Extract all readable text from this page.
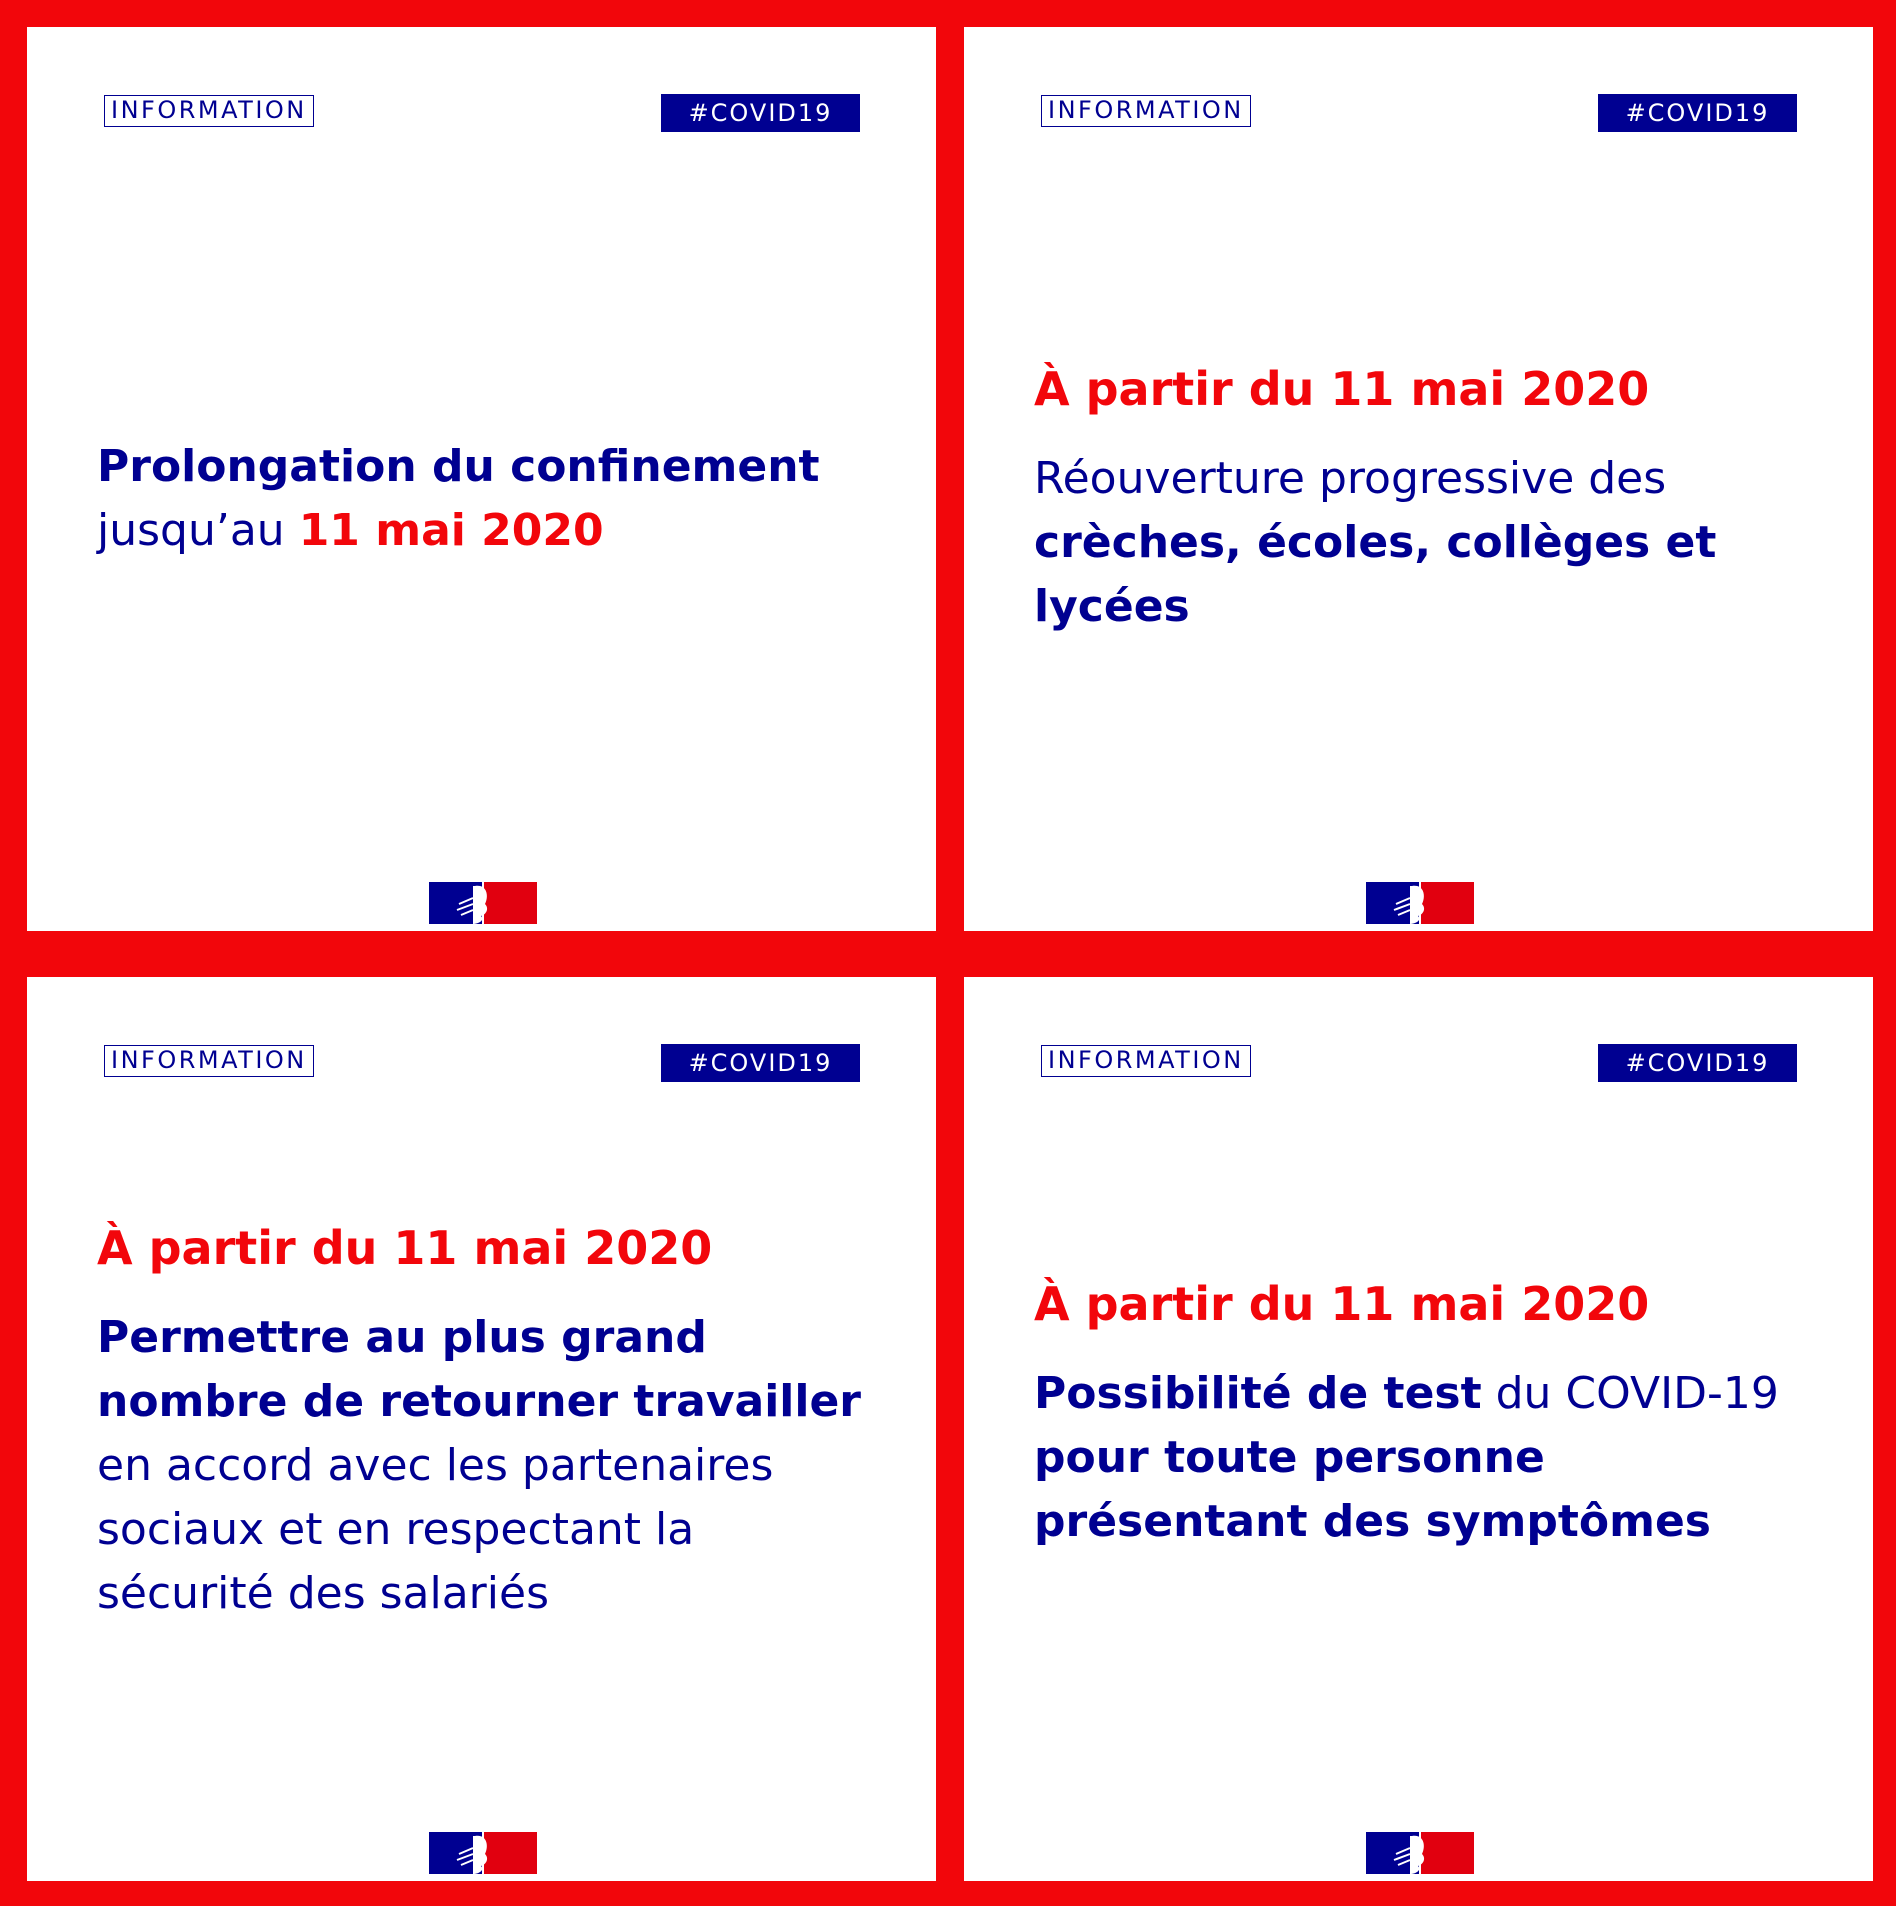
INFORMATION	#COVID19
Prolongation du confinement
jusqu’au 11 mai 2020
INFORMATION	#COVID19
À partir du 11 mai 2020
Réouverture progressive des
crèches, écoles, collèges et
lycées
INFORMATION	#COVID19
À partir du 11 mai 2020
Permettre au plus grand
nombre de retourner travailler
en accord avec les partenaires
sociaux et en respectant la
sécurité des salariés
INFORMATION	#COVID19
À partir du 11 mai 2020
Possibilité de test du COVID-19
pour toute personne
présentant des symptômes
